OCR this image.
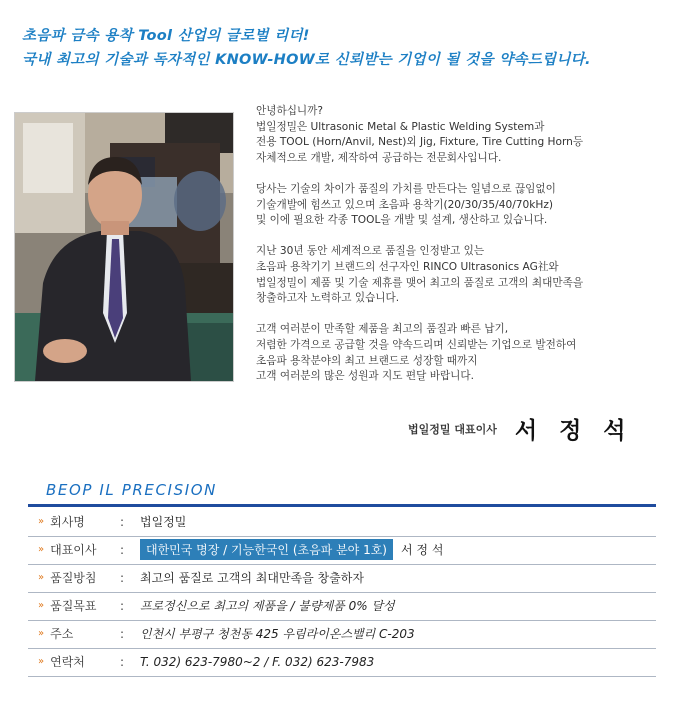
초음파 금속 용착 Tool 산업의 글로벌 리더!
국내 최고의 기술과 독자적인 KNOW-HOW로 신뢰받는 기업이 될 것을 약속드립니다.

안녕하십니까?
법일정밀은 Ultrasonic Metal & Plastic Welding System과
전용 TOOL (Horn/Anvil, Nest)외 Jig, Fixture, Tire Cutting Horn등
자체적으로 개발, 제작하여 공급하는 전문회사입니다.

당사는 기술의 차이가 품질의 가치를 만든다는 일념으로 끊임없이
기술개발에 힘쓰고 있으며 초음파 용착기(20/30/35/40/70kHz)
및 이에 필요한 각종 TOOL을 개발 및 설계, 생산하고 있습니다.

지난 30년 동안 세계적으로 품질을 인정받고 있는
초음파 용착기기 브랜드의 선구자인 RINCO Ultrasonics AG社와
법일정밀이 제품 및 기술 제휴를 맺어 최고의 품질로 고객의 최대만족을
창출하고자 노력하고 있습니다.

고객 여러분이 만족할 제품을 최고의 품질과 빠른 납기,
저렴한 가격으로 공급할 것을 약속드리며 신뢰받는 기업으로 발전하여
초음파 용착분야의 최고 브랜드로 성장할 때까지
고객 여러분의 많은 성원과 지도 편달 바랍니다.

법일정밀 대표이사 서 정 석
BEOP IL PRECISION
» 회사명	:	법일정밀
» 대표이사 :	대한민국 명장 / 기능한국인 (초음파 분야 1호)	서 정 석
» 품질방침 :	최고의 품질로 고객의 최대만족을 창출하자
» 품질목표 :	프로정신으로 최고의 제품을 / 불량제품 0% 달성
» 주소	:	인천시 부평구 청천동 425 우림라이온스밸리 C-203
» 연락처	:	T. 032) 623-7980~2 / F. 032) 623-7983
